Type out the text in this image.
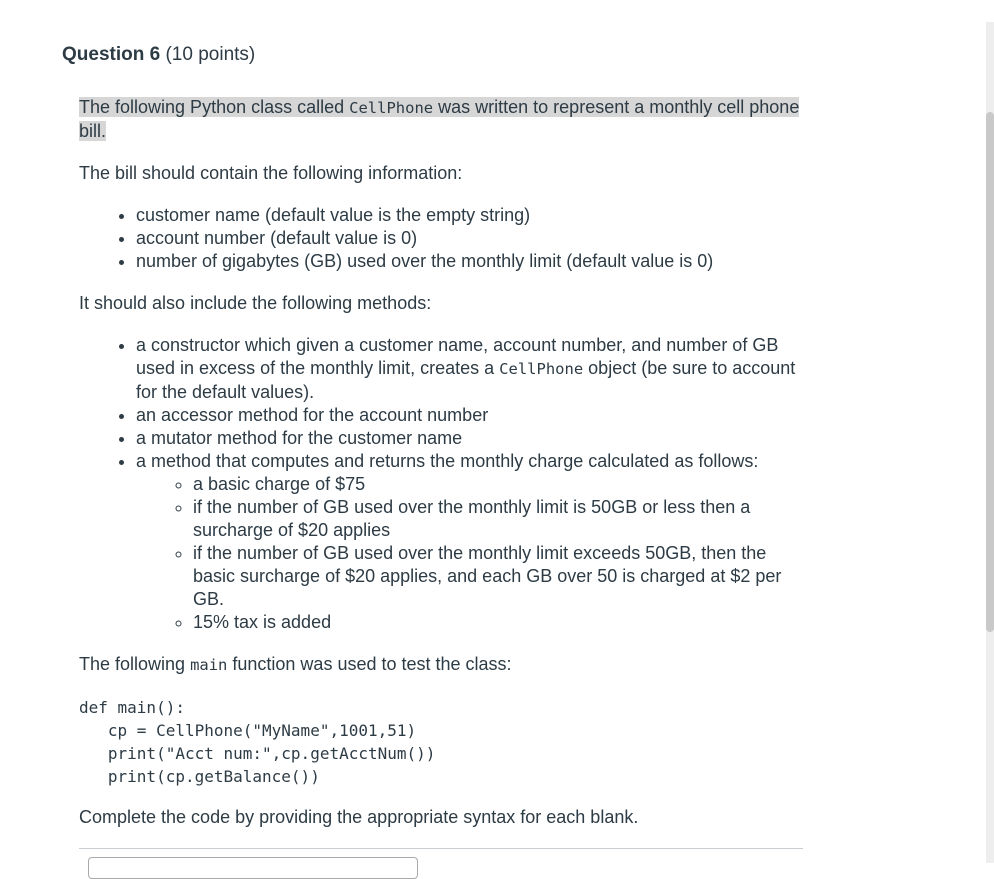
Question 6 (10 points)

The following Python class called CellPhone was written to represent a monthly cell phone bill.

The bill should contain the following information:

• customer name (default value is the empty string)
• account number (default value is 0)
• number of gigabytes (GB) used over the monthly limit (default value is 0)

It should also include the following methods:

• a constructor which given a customer name, account number, and number of GB used in excess of the monthly limit, creates a CellPhone object (be sure to account for the default values).
• an accessor method for the account number
• a mutator method for the customer name
• a method that computes and returns the monthly charge calculated as follows:
◦ a basic charge of $75
◦ if the number of GB used over the monthly limit is 50GB or less then a surcharge of $20 applies
◦ if the number of GB used over the monthly limit exceeds 50GB, then the basic surcharge of $20 applies, and each GB over 50 is charged at $2 per GB.
◦ 15% tax is added

The following main function was used to test the class:

def main():
cp = CellPhone("MyName",1001,51)
print("Acct num:",cp.getAcctNum())
print(cp.getBalance())

Complete the code by providing the appropriate syntax for each blank.
